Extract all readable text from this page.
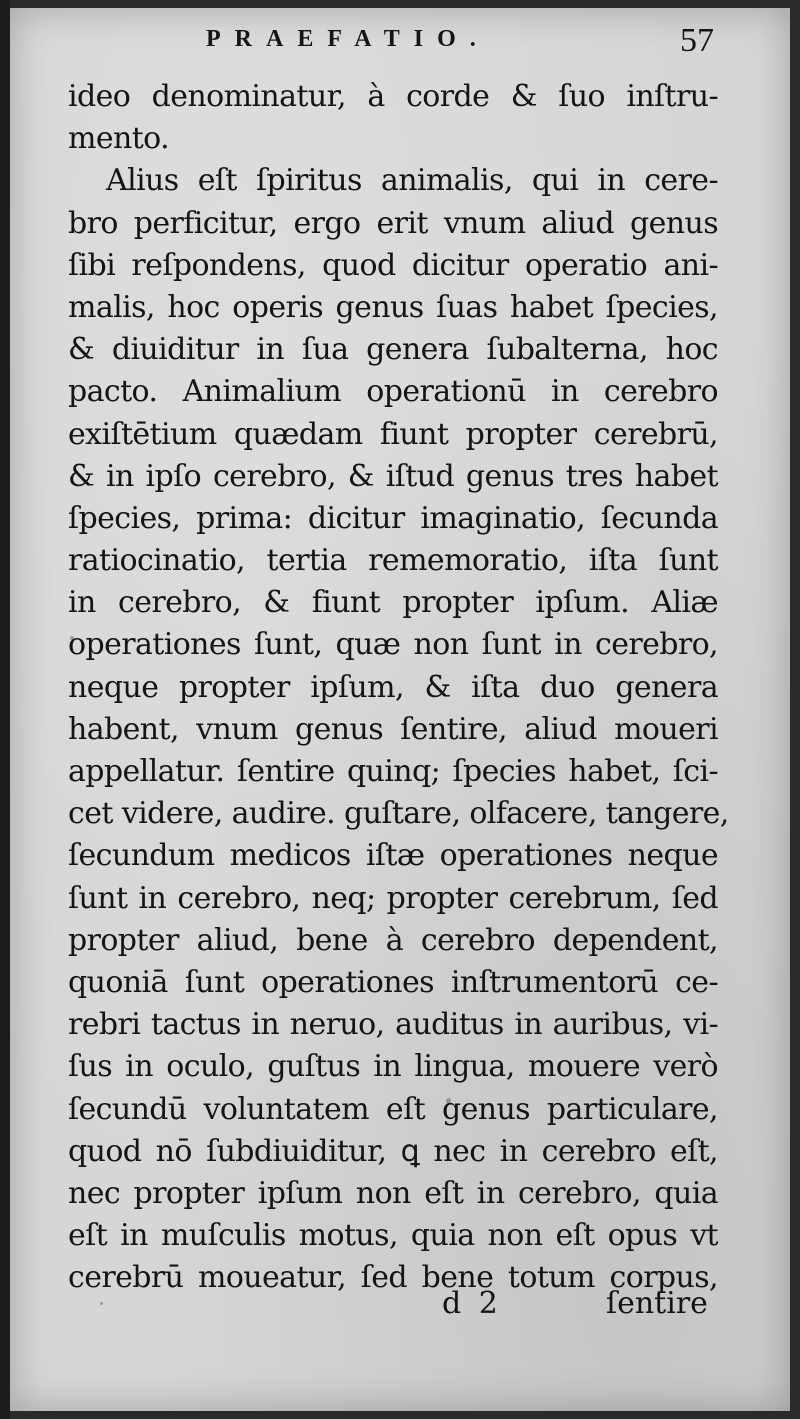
PRAEFATIO.	57
ideo denominatur, à corde & ſuo inſtru-
mento.
Alius eſt ſpiritus animalis, qui in cere-
bro perficitur, ergo erit vnum aliud genus
ſibi reſpondens, quod dicitur operatio ani-
malis, hoc operis genus ſuas habet ſpecies,
& diuiditur in ſua genera ſubalterna, hoc
pacto. Animalium operationū in cerebro
exiſtētium quædam fiunt propter cerebrū,
& in ipſo cerebro, & iſtud genus tres habet
ſpecies, prima: dicitur imaginatio, ſecunda
ratiocinatio, tertia rememoratio, iſta ſunt
in cerebro, & fiunt propter ipſum. Aliæ
operationes ſunt, quæ non ſunt in cerebro,
neque propter ipſum, & iſta duo genera
habent, vnum genus ſentire, aliud moueri
appellatur. ſentire quinq; ſpecies habet, ſci-
cet videre, audire. guſtare, olfacere, tangere,
ſecundum medicos iſtæ operationes neque
ſunt in cerebro, neq; propter cerebrum, ſed
propter aliud, bene à cerebro dependent,
quoniā ſunt operationes inſtrumentorū ce-
rebri tactus in neruo, auditus in auribus, vi-
ſus in oculo, guſtus in lingua, mouere verò
ſecundū voluntatem eſt genus particulare,
quod nō ſubdiuiditur, ꝗ nec in cerebro eſt,
nec propter ipſum non eſt in cerebro, quia
eſt in muſculis motus, quia non eſt opus vt
cerebrū moueatur, ſed bene totum corpus,
d 2	ſentire
